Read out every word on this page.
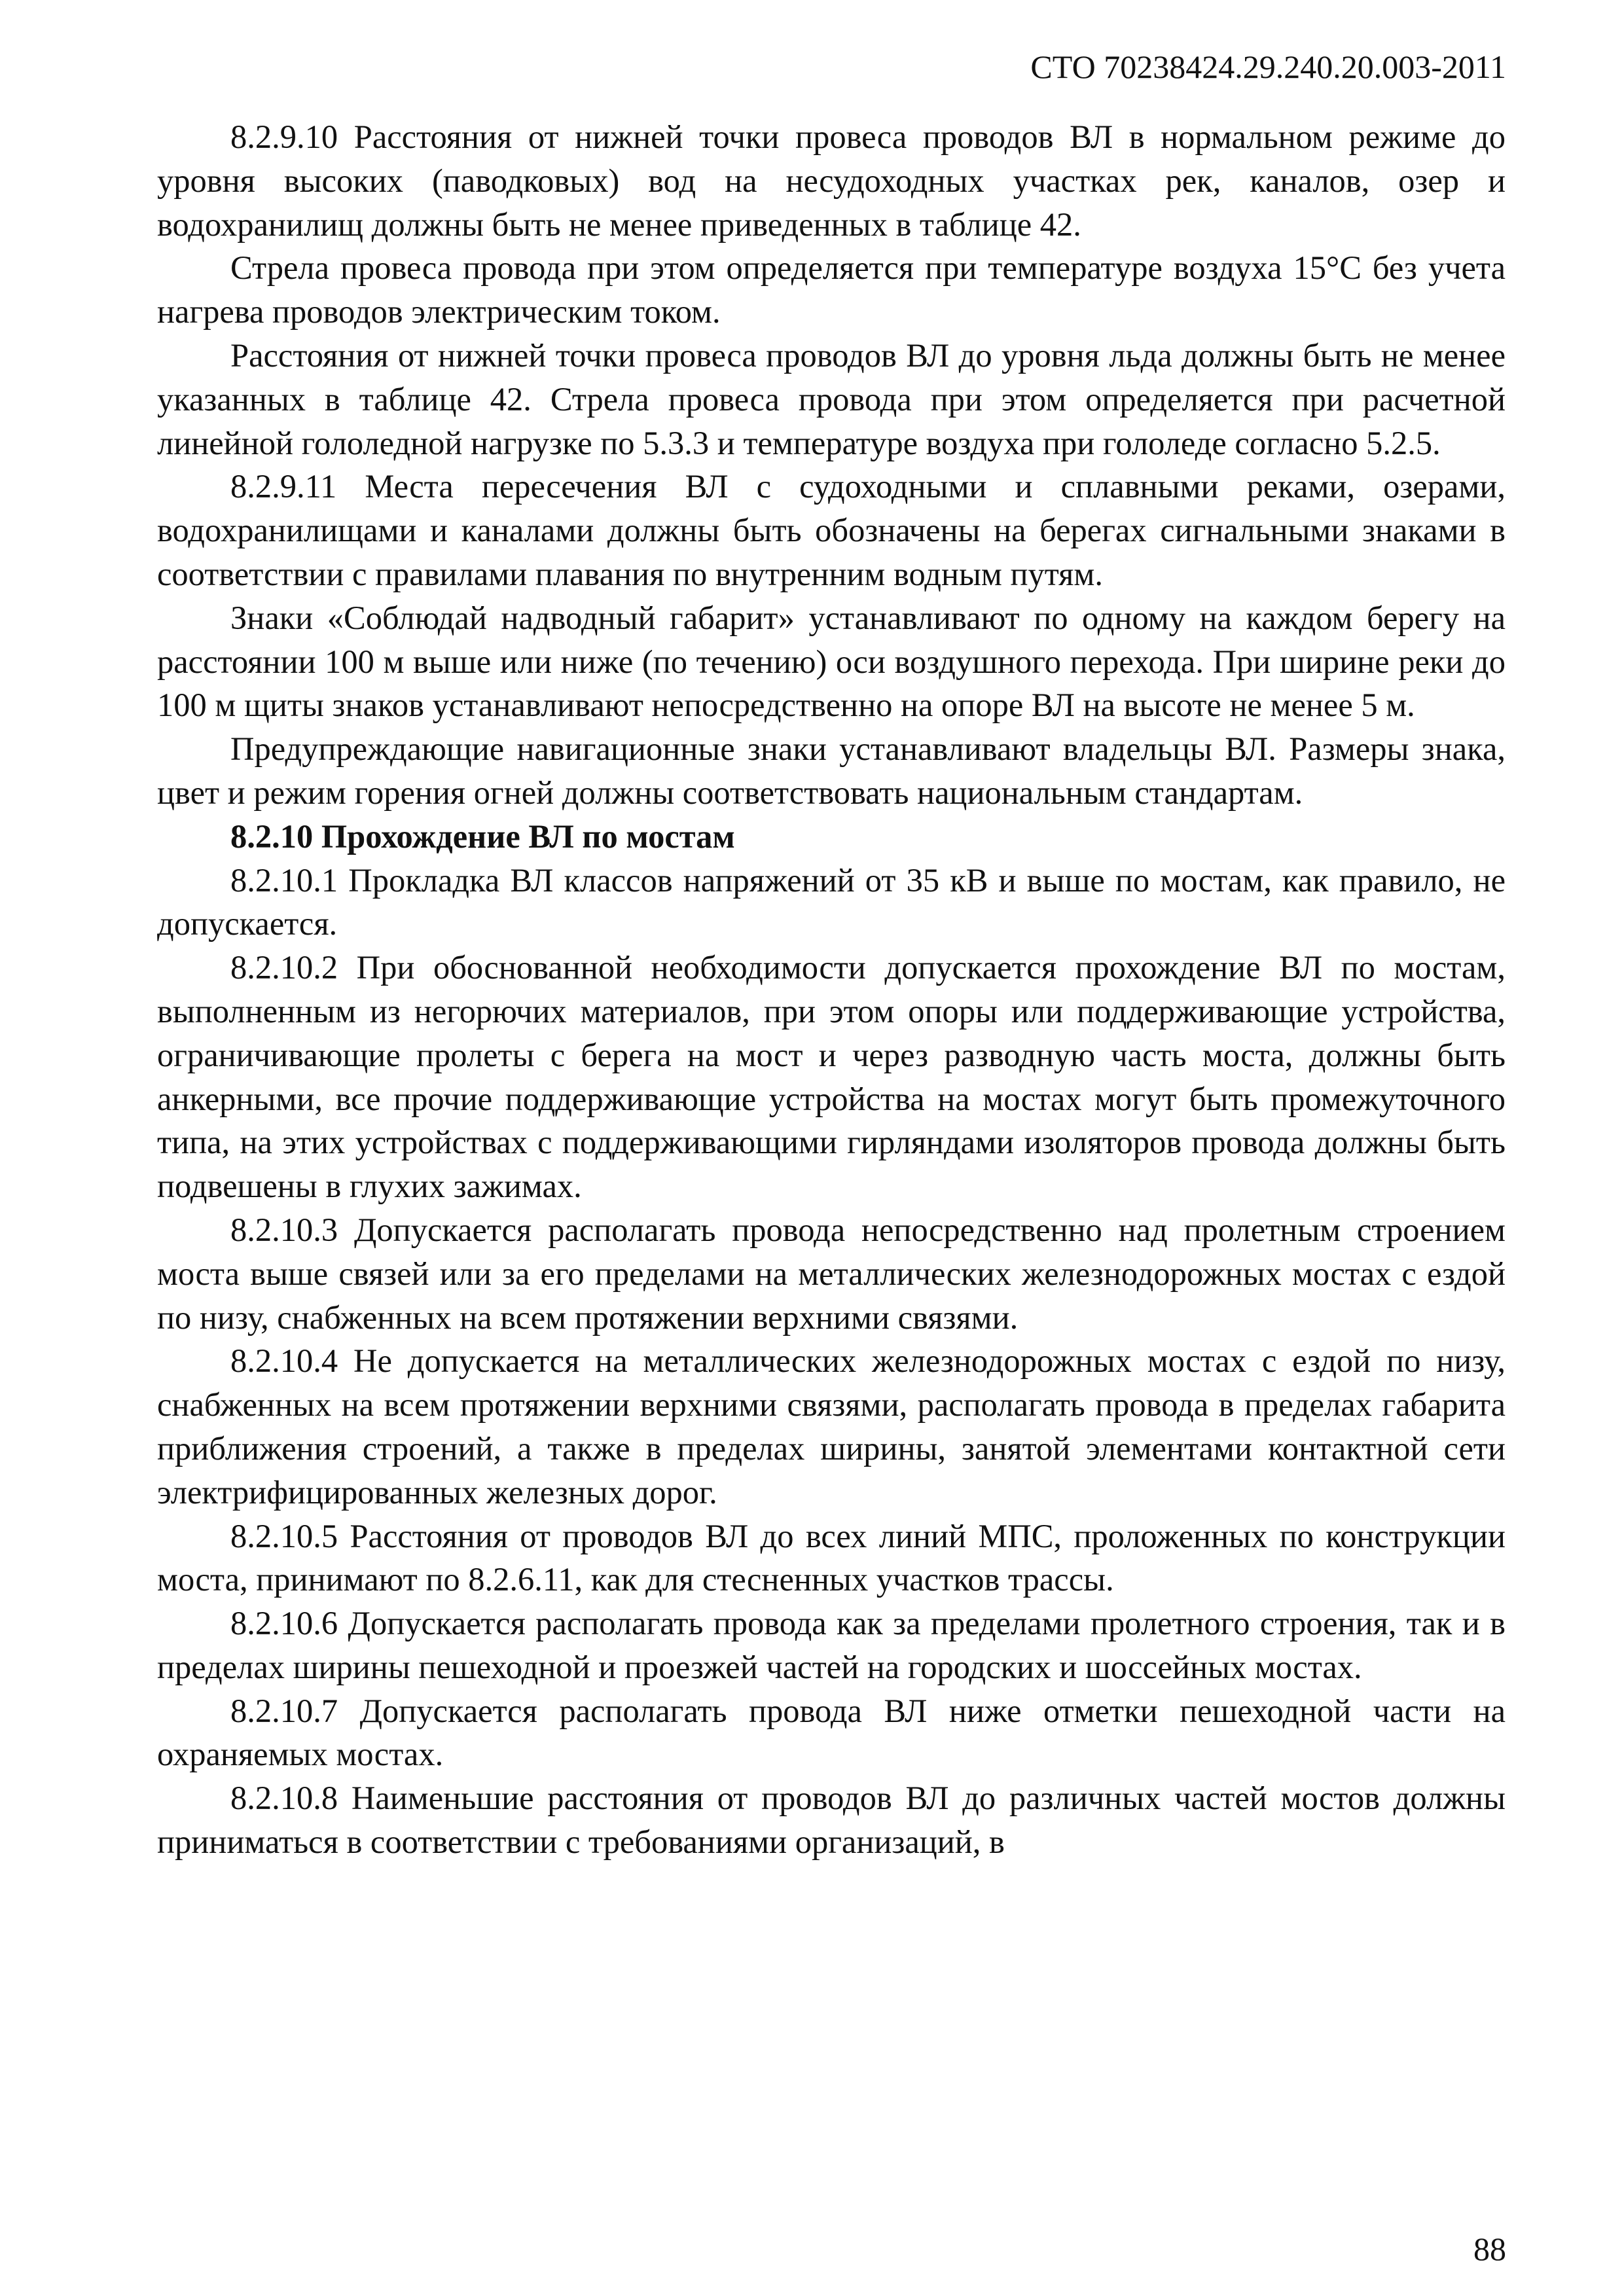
СТО 70238424.29.240.20.003-2011

8.2.9.10 Расстояния от нижней точки провеса проводов ВЛ в нормальном режиме до уровня высоких (паводковых) вод на несудоходных участках рек, каналов, озер и водохранилищ должны быть не менее приведенных в таблице 42.

Стрела провеса провода при этом определяется при температуре воздуха 15°С без учета нагрева проводов электрическим током.

Расстояния от нижней точки провеса проводов ВЛ до уровня льда должны быть не менее указанных в таблице 42. Стрела провеса провода при этом определяется при расчетной линейной гололедной нагрузке по 5.3.3 и температуре воздуха при гололеде согласно 5.2.5.

8.2.9.11 Места пересечения ВЛ с судоходными и сплавными реками, озерами, водохранилищами и каналами должны быть обозначены на берегах сигнальными знаками в соответствии с правилами плавания по внутренним водным путям.

Знаки «Соблюдай надводный габарит» устанавливают по одному на каждом берегу на расстоянии 100 м выше или ниже (по течению) оси воздушного перехода. При ширине реки до 100 м щиты знаков устанавливают непосредственно на опоре ВЛ на высоте не менее 5 м.

Предупреждающие навигационные знаки устанавливают владельцы ВЛ. Размеры знака, цвет и режим горения огней должны соответствовать национальным стандартам.

8.2.10 Прохождение ВЛ по мостам

8.2.10.1 Прокладка ВЛ классов напряжений от 35 кВ и выше по мостам, как правило, не допускается.

8.2.10.2 При обоснованной необходимости допускается прохождение ВЛ по мостам, выполненным из негорючих материалов, при этом опоры или поддерживающие устройства, ограничивающие пролеты с берега на мост и через разводную часть моста, должны быть анкерными, все прочие поддерживающие устройства на мостах могут быть промежуточного типа, на этих устройствах с поддерживающими гирляндами изоляторов провода должны быть подвешены в глухих зажимах.

8.2.10.3 Допускается располагать провода непосредственно над пролетным строением моста выше связей или за его пределами на металлических железнодорожных мостах с ездой по низу, снабженных на всем протяжении верхними связями.

8.2.10.4 Не допускается на металлических железнодорожных мостах с ездой по низу, снабженных на всем протяжении верхними связями, располагать провода в пределах габарита приближения строений, а также в пределах ширины, занятой элементами контактной сети электрифицированных железных дорог.

8.2.10.5 Расстояния от проводов ВЛ до всех линий МПС, проложенных по конструкции моста, принимают по 8.2.6.11, как для стесненных участков трассы.

8.2.10.6 Допускается располагать провода как за пределами пролетного строения, так и в пределах ширины пешеходной и проезжей частей на городских и шоссейных мостах.

8.2.10.7 Допускается располагать провода ВЛ ниже отметки пешеходной части на охраняемых мостах.

8.2.10.8 Наименьшие расстояния от проводов ВЛ до различных частей мостов должны приниматься в соответствии с требованиями организаций, в

88
